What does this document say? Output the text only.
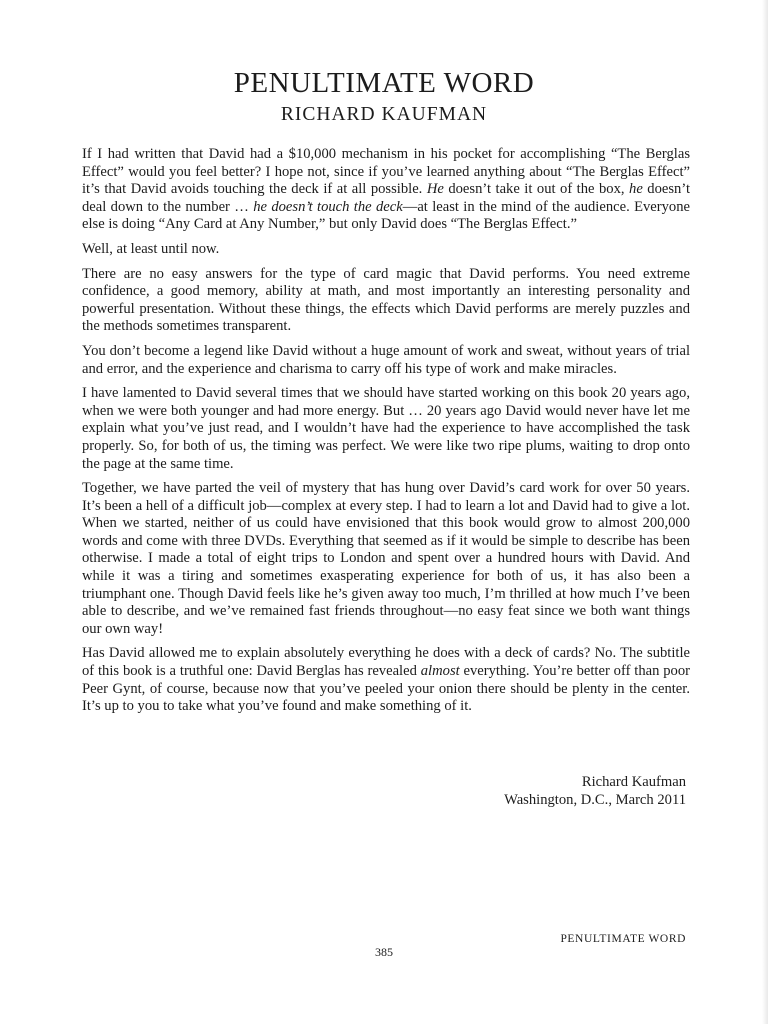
PENULTIMATE WORD
RICHARD KAUFMAN

If I had written that David had a $10,000 mechanism in his pocket for accomplishing “The Berglas Effect” would you feel better? I hope not, since if you’ve learned anything about “The Berglas Effect” it’s that David avoids touching the deck if at all possible. He doesn’t take it out of the box, he doesn’t deal down to the number … he doesn’t touch the deck—at least in the mind of the audience. Everyone else is doing “Any Card at Any Number,” but only David does “The Berglas Effect.”

Well, at least until now.

There are no easy answers for the type of card magic that David performs. You need extreme confidence, a good memory, ability at math, and most importantly an interesting personality and powerful presentation. Without these things, the effects which David performs are merely puzzles and the methods sometimes transparent.

You don’t become a legend like David without a huge amount of work and sweat, without years of trial and error, and the experience and charisma to carry off his type of work and make miracles.

I have lamented to David several times that we should have started working on this book 20 years ago, when we were both younger and had more energy. But … 20 years ago David would never have let me explain what you’ve just read, and I wouldn’t have had the experience to have accomplished the task properly. So, for both of us, the timing was perfect. We were like two ripe plums, waiting to drop onto the page at the same time.

Together, we have parted the veil of mystery that has hung over David’s card work for over 50 years. It’s been a hell of a difficult job—complex at every step. I had to learn a lot and David had to give a lot. When we started, neither of us could have envisioned that this book would grow to almost 200,000 words and come with three DVDs. Everything that seemed as if it would be simple to describe has been otherwise. I made a total of eight trips to London and spent over a hundred hours with David. And while it was a tiring and sometimes exasperating experience for both of us, it has also been a triumphant one. Though David feels like he’s given away too much, I’m thrilled at how much I’ve been able to describe, and we’ve remained fast friends throughout—no easy feat since we both want things our own way!

Has David allowed me to explain absolutely everything he does with a deck of cards? No. The subtitle of this book is a truthful one: David Berglas has revealed almost everything. You’re better off than poor Peer Gynt, of course, because now that you’ve peeled your onion there should be plenty in the center. It’s up to you to take what you’ve found and make something of it.

Richard Kaufman
Washington, D.C., March 2011
PENULTIMATE WORD
385
